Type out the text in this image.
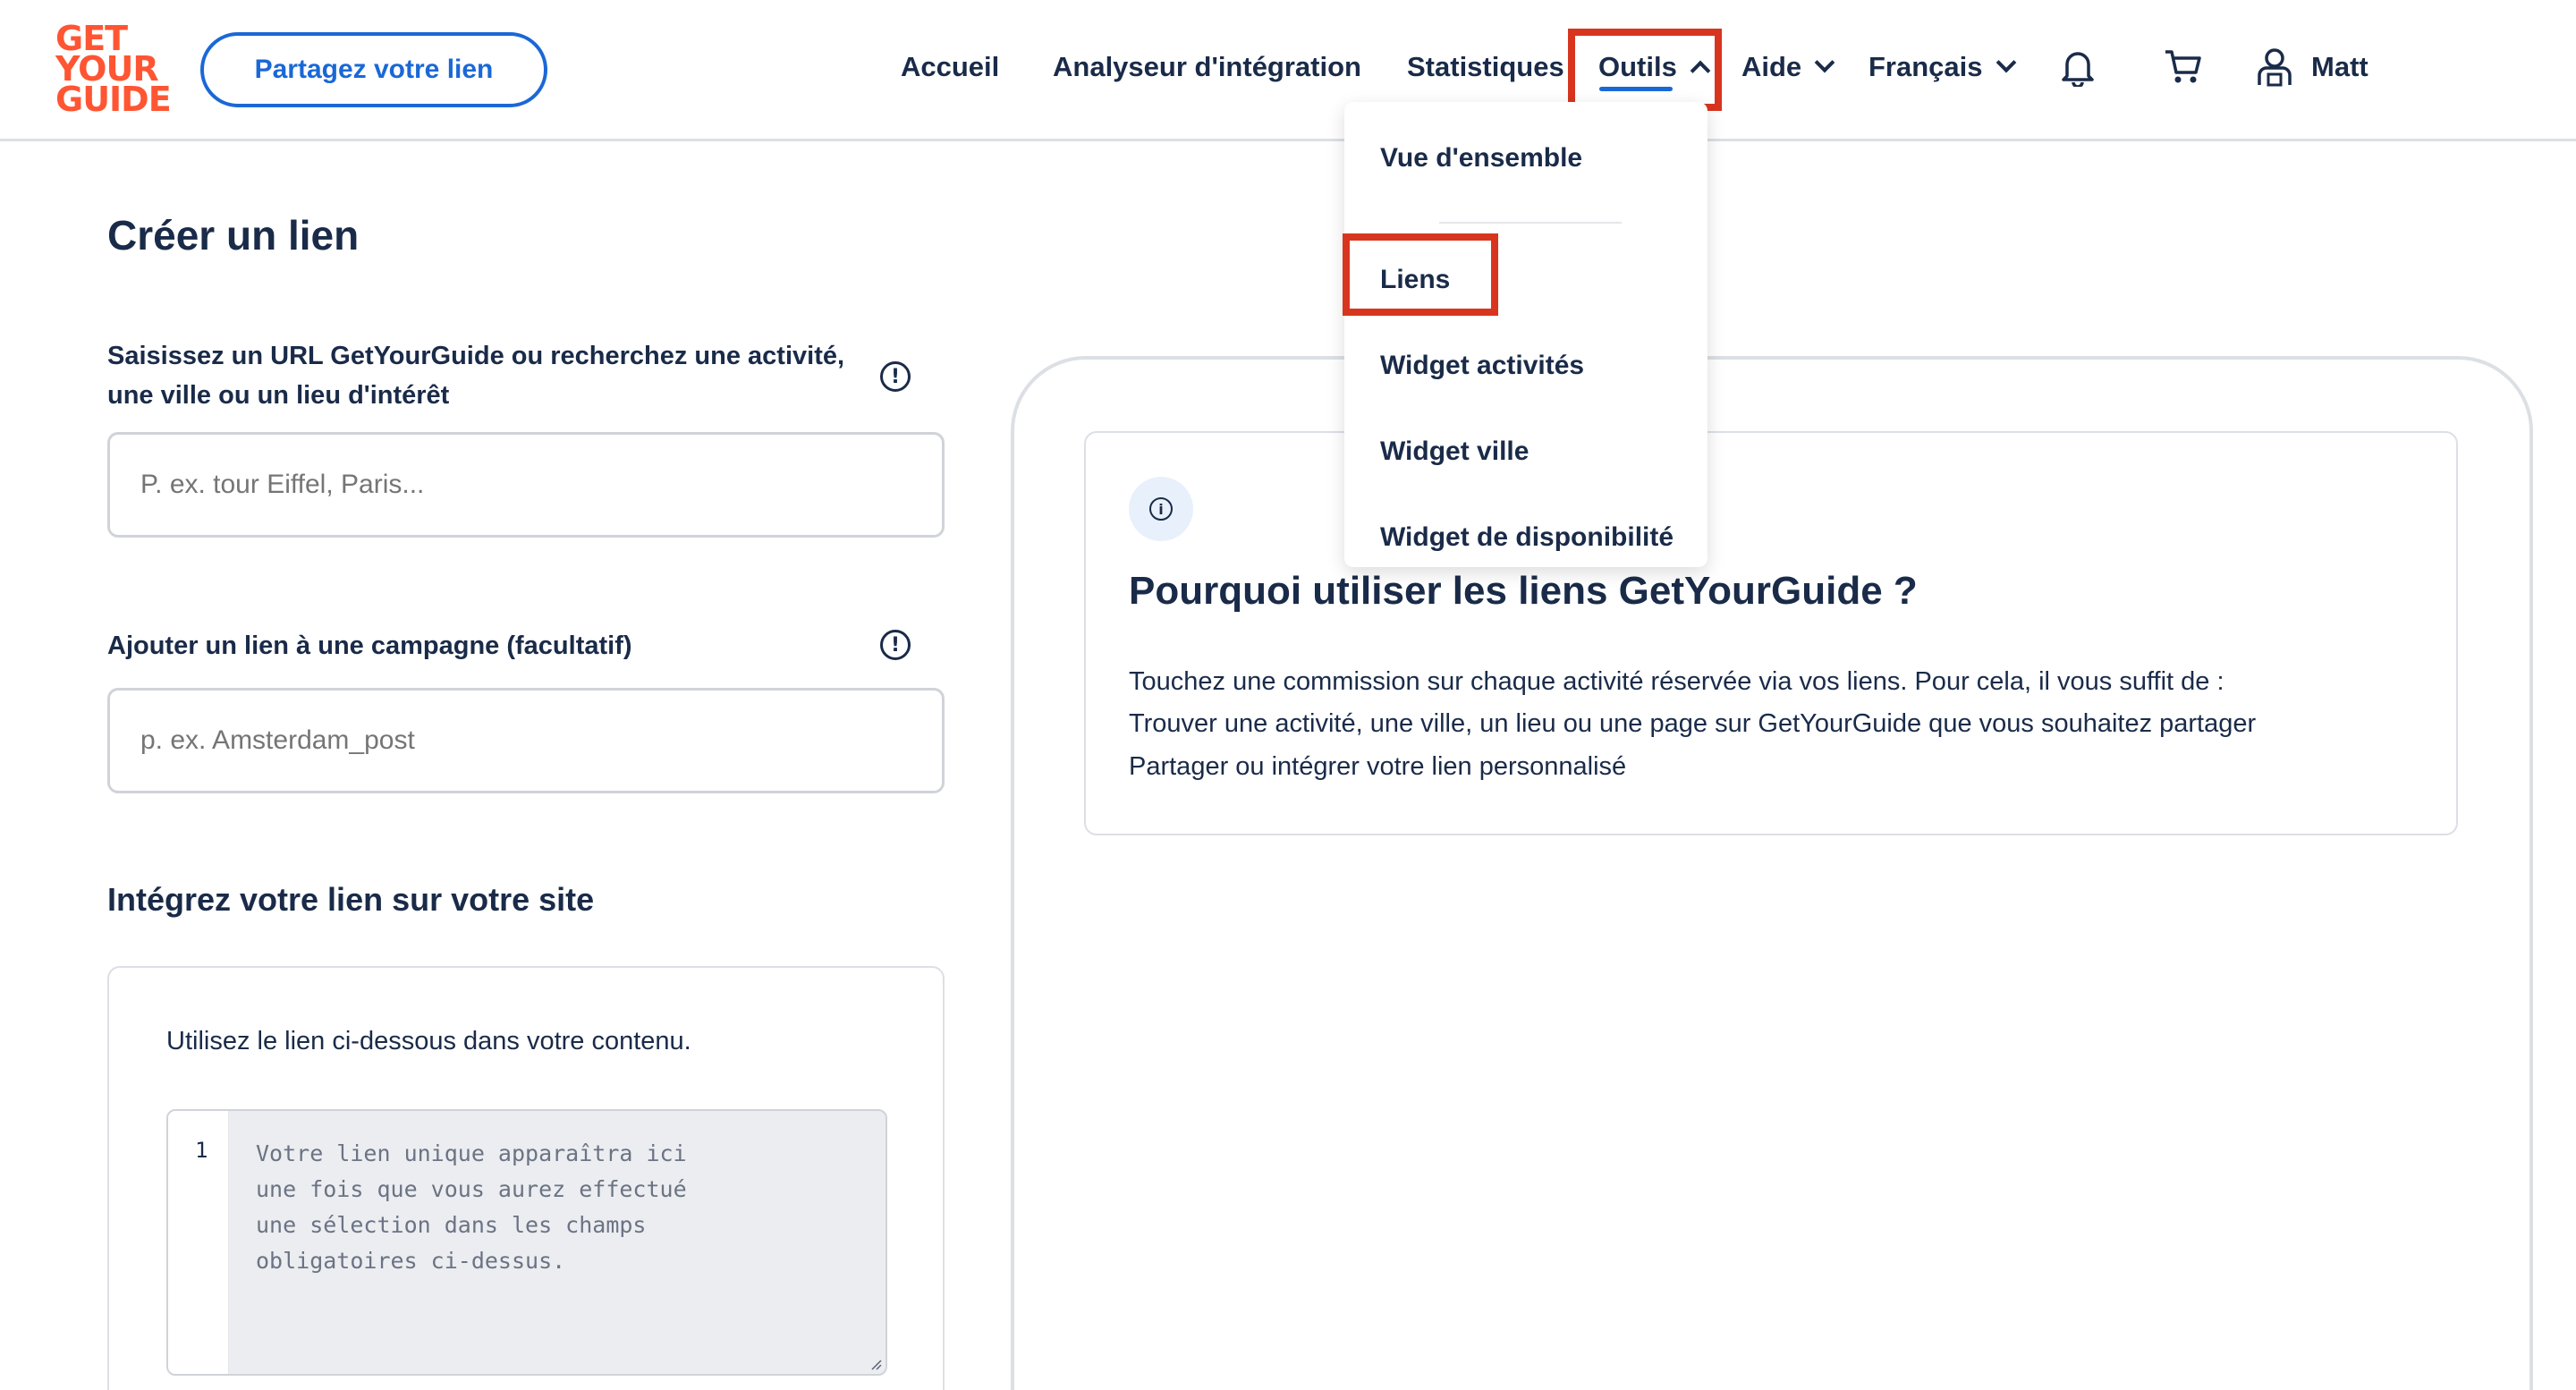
GET
YOUR
GUIDE
Partagez votre lien	Accueil Analyseur d'intégration Statistiques Outils Aide Français	Matt
Créer un lien
Saisissez un URL GetYourGuide ou recherchez une activité, une ville ou un lieu d'intérêt
!
P. ex. tour Eiffel, Paris...
Ajouter un lien à une campagne (facultatif)	!
p. ex. Amsterdam_post
Intégrez votre lien sur votre site
Utilisez le lien ci-dessous dans votre contenu.
1 Votre lien unique apparaîtra ici
une fois que vous aurez effectué
une sélection dans les champs
obligatoires ci-dessus.
i
Pourquoi utiliser les liens GetYourGuide ?
Touchez une commission sur chaque activité réservée via vos liens. Pour cela, il vous suffit de :
Trouver une activité, une ville, un lieu ou une page sur GetYourGuide que vous souhaitez partager
Partager ou intégrer votre lien personnalisé
Vue d'ensemble
Liens
Widget activités
Widget ville
Widget de disponibilité
